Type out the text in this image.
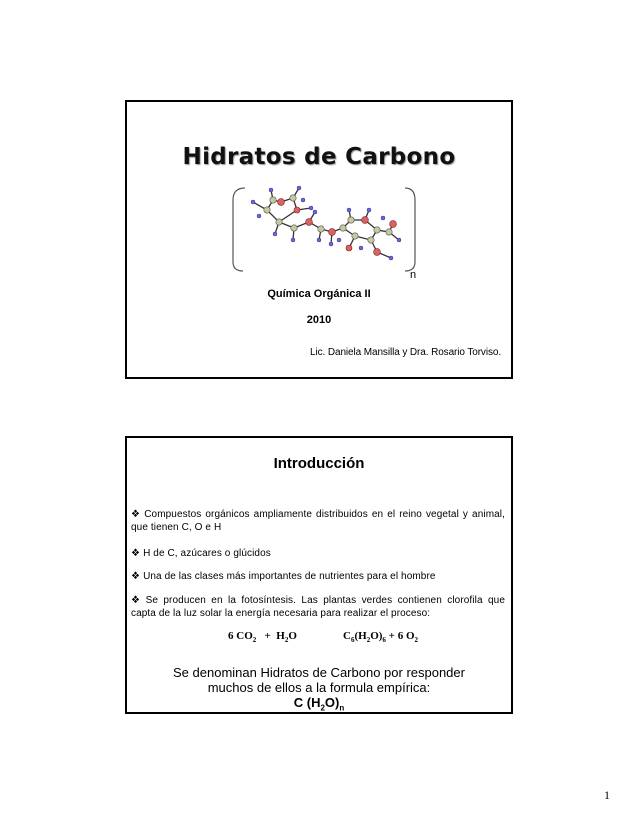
Hidratos de Carbono
n
Química Orgánica II
2010
Lic. Daniela Mansilla y Dra. Rosario Torviso.
Introducción
❖ Compuestos orgánicos ampliamente distribuidos en el reino vegetal y animal, que tienen C, O e H
❖ H de C, azúcares o glúcidos
❖ Una de las clases más importantes de nutrientes para el hombre
❖ Se producen en la fotosíntesis. Las plantas verdes contienen clorofila que capta de la luz solar la energía necesaria para realizar el proceso:
6 $CO_2 + H_2O$	$C_6(H_2O)_6 + 6$ $O_2$
Se denominan Hidratos de Carbono por responder
muchos de ellos a la formula empírica:
C $(H_2O)_n$
1
